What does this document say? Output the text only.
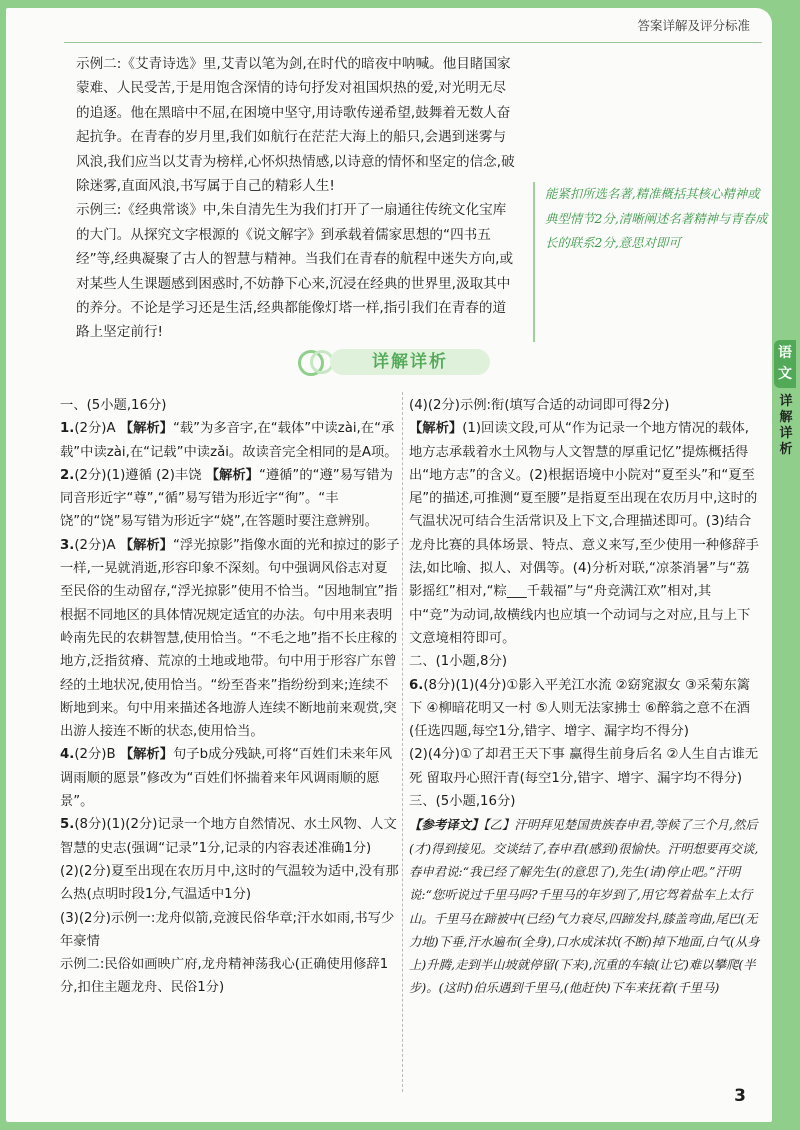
答案详解及评分标准

示例二:《艾青诗选》里,艾青以笔为剑,在时代的暗夜中呐喊。他目睹国家蒙难、人民受苦,于是用饱含深情的诗句抒发对祖国炽热的爱,对光明无尽的追逐。他在黑暗中不屈,在困境中坚守,用诗歌传递希望,鼓舞着无数人奋起抗争。在青春的岁月里,我们如航行在茫茫大海上的船只,会遇到迷雾与风浪,我们应当以艾青为榜样,心怀炽热情感,以诗意的情怀和坚定的信念,破除迷雾,直面风浪,书写属于自己的精彩人生!

示例三:《经典常谈》中,朱自清先生为我们打开了一扇通往传统文化宝库的大门。从探究文字根源的《说文解字》到承载着儒家思想的“四书五经”等,经典凝聚了古人的智慧与精神。当我们在青春的航程中迷失方向,或对某些人生课题感到困惑时,不妨静下心来,沉浸在经典的世界里,汲取其中的养分。不论是学习还是生活,经典都能像灯塔一样,指引我们在青春的道路上坚定前行!

能紧扣所选名著,精准概括其核心精神或典型情节2分,清晰阐述名著精神与青春成长的联系2分,意思对即可
详解详析

一、(5小题,16分)

1.(2分)A 【解析】“载”为多音字,在“载体”中读zài,在“承载”中读zài,在“记载”中读zǎi。故读音完全相同的是A项。

2.(2分)(1)遵循 (2)丰饶 【解析】“遵循”的“遵”易写错为同音形近字“尊”,“循”易写错为形近字“徇”。“丰饶”的“饶”易写错为形近字“娆”,在答题时要注意辨别。

3.(2分)A 【解析】“浮光掠影”指像水面的光和掠过的影子一样,一晃就消逝,形容印象不深刻。句中强调风俗志对夏至民俗的生动留存,“浮光掠影”使用不恰当。“因地制宜”指根据不同地区的具体情况规定适宜的办法。句中用来表明岭南先民的农耕智慧,使用恰当。“不毛之地”指不长庄稼的地方,泛指贫瘠、荒凉的土地或地带。句中用于形容广东曾经的土地状况,使用恰当。“纷至沓来”指纷纷到来;连续不断地到来。句中用来描述各地游人连续不断地前来观赏,突出游人接连不断的状态,使用恰当。

4.(2分)B 【解析】句子b成分残缺,可将“百姓们未来年风调雨顺的愿景”修改为“百姓们怀揣着来年风调雨顺的愿景”。

5.(8分)(1)(2分)记录一个地方自然情况、水土风物、人文智慧的史志(强调“记录”1分,记录的内容表述准确1分)

(2)(2分)夏至出现在农历月中,这时的气温较为适中,没有那么热(点明时段1分,气温适中1分)

(3)(2分)示例一:龙舟似箭,竞渡民俗华章;汗水如雨,书写少年豪情

示例二:民俗如画映广府,龙舟精神荡我心(正确使用修辞1分,扣住主题龙舟、民俗1分)

(4)(2分)示例:衔(填写合适的动词即可得2分)

【解析】(1)回读文段,可从“作为记录一个地方情况的载体,地方志承载着水土风物与人文智慧的厚重记忆”提炼概括得出“地方志”的含义。(2)根据语境中小院对“夏至头”和“夏至尾”的描述,可推测“夏至腰”是指夏至出现在农历月中,这时的气温状况可结合生活常识及上下文,合理描述即可。(3)结合龙舟比赛的具体场景、特点、意义来写,至少使用一种修辞手法,如比喻、拟人、对偶等。(4)分析对联,“凉茶消暑”与“荔影摇红”相对,“粽___千载福”与“舟竞满江欢”相对,其中“竞”为动词,故横线内也应填一个动词与之对应,且与上下文意境相符即可。

二、(1小题,8分)

6.(8分)(1)(4分)①影入平羌江水流 ②窈窕淑女 ③采菊东篱下 ④柳暗花明又一村 ⑤人则无法家拂士 ⑥醉翁之意不在酒(任选四题,每空1分,错字、增字、漏字均不得分)

(2)(4分)①了却君王天下事 赢得生前身后名 ②人生自古谁无死 留取丹心照汗青(每空1分,错字、增字、漏字均不得分)

三、(5小题,16分)

【参考译文】【乙】汗明拜见楚国贵族春申君,等候了三个月,然后(才)得到接见。交谈结了,春申君(感到)很愉快。汗明想要再交谈,春申君说:“我已经了解先生(的意思了),先生(请)停止吧。”汗明说:“您听说过千里马吗?千里马的年岁到了,用它驾着盐车上太行山。千里马在蹄被中(已经)气力衰尽,四蹄发抖,膝盖弯曲,尾巴(无力地)下垂,汗水遍布(全身),口水成沫状(不断)掉下地面,白气(从身上)升腾,走到半山坡就停留(下来),沉重的车辕(让它)难以攀爬(半步)。(这时)伯乐遇到千里马,(他赶快)下车来抚着(千里马)

3
语文
详解详析
